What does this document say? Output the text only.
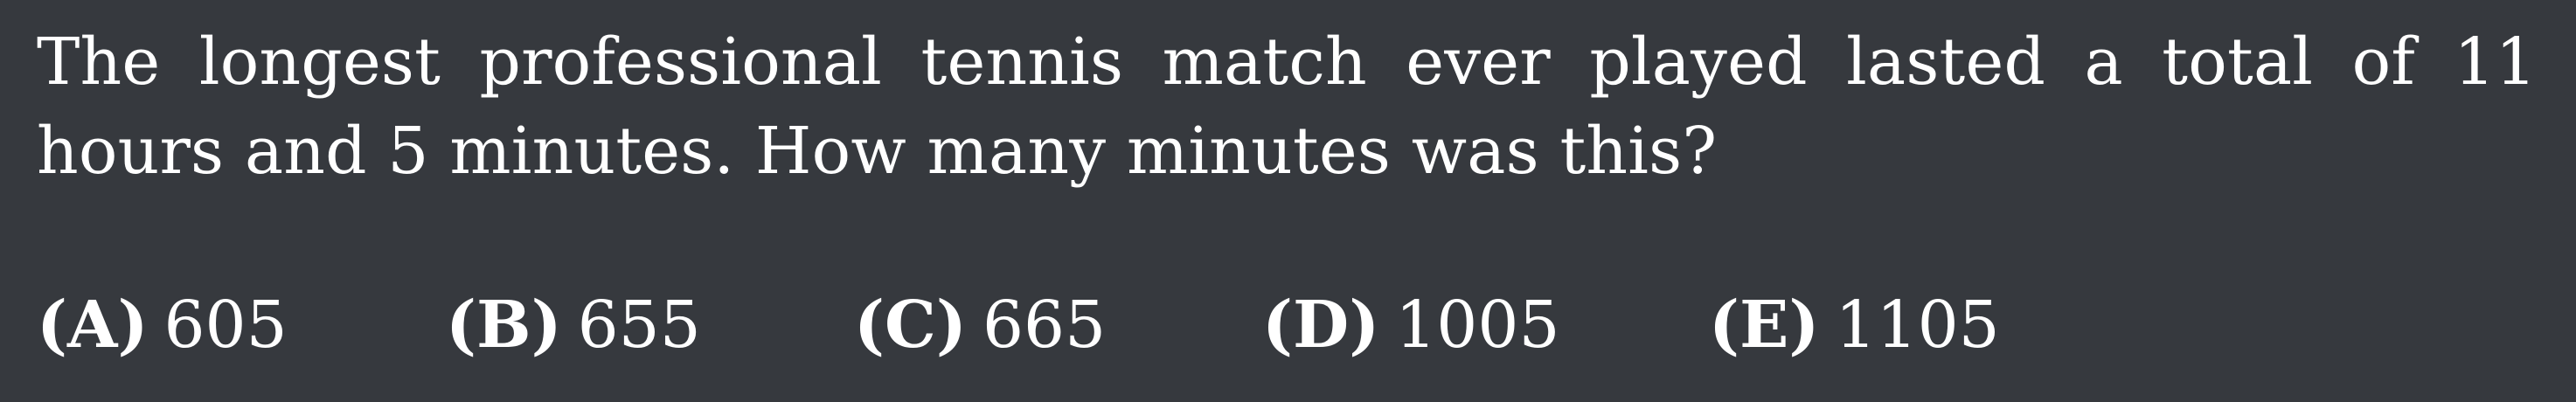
The longest professional tennis match ever played lasted a total of 11 hours and 5 minutes. How many minutes was this?
(A) 605 (B) 655 (C) 665 (D) 1005 (E) 1105
